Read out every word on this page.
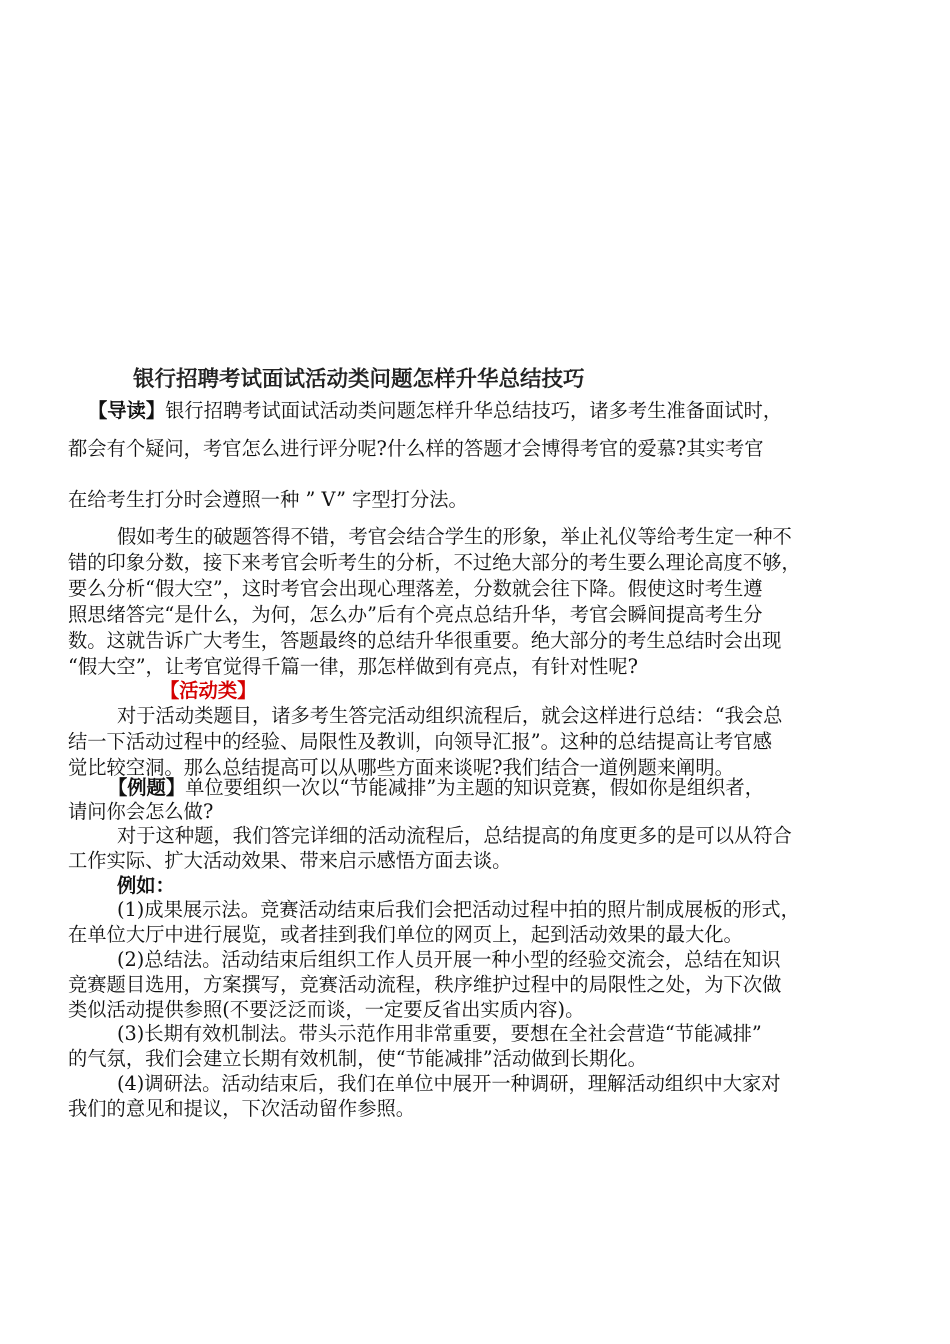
银行招聘考试面试活动类问题怎样升华总结技巧
【导读】银行招聘考试面试活动类问题怎样升华总结技巧，诸多考生准备面试时，
都会有个疑问，考官怎么进行评分呢?什么样的答题才会博得考官的爱慕?其实考官
在给考生打分时会遵照一种 ” V” 字型打分法。
假如考生的破题答得不错，考官会结合学生的形象，举止礼仪等给考生定一种不
错的印象分数，接下来考官会听考生的分析，不过绝大部分的考生要么理论高度不够，
要么分析“假大空”，这时考官会出现心理落差，分数就会往下降。假使这时考生遵
照思绪答完“是什么，为何，怎么办”后有个亮点总结升华，考官会瞬间提高考生分
数。这就告诉广大考生，答题最终的总结升华很重要。绝大部分的考生总结时会出现
“假大空”，让考官觉得千篇一律，那怎样做到有亮点，有针对性呢?
【活动类】
对于活动类题目，诸多考生答完活动组织流程后，就会这样进行总结：“我会总
结一下活动过程中的经验、局限性及教训，向领导汇报”。这种的总结提高让考官感
觉比较空洞。那么总结提高可以从哪些方面来谈呢?我们结合一道例题来阐明。
【例题】单位要组织一次以“节能减排”为主题的知识竞赛，假如你是组织者，
请问你会怎么做?
对于这种题，我们答完详细的活动流程后，总结提高的角度更多的是可以从符合
工作实际、扩大活动效果、带来启示感悟方面去谈。
例如：
(1)成果展示法。竞赛活动结束后我们会把活动过程中拍的照片制成展板的形式，
在单位大厅中进行展览，或者挂到我们单位的网页上，起到活动效果的最大化。
(2)总结法。活动结束后组织工作人员开展一种小型的经验交流会，总结在知识
竞赛题目选用，方案撰写，竞赛活动流程，秩序维护过程中的局限性之处，为下次做
类似活动提供参照(不要泛泛而谈，一定要反省出实质内容)。
(3)长期有效机制法。带头示范作用非常重要，要想在全社会营造“节能减排”
的气氛，我们会建立长期有效机制，使“节能减排”活动做到长期化。
(4)调研法。活动结束后，我们在单位中展开一种调研，理解活动组织中大家对
我们的意见和提议，下次活动留作参照。
